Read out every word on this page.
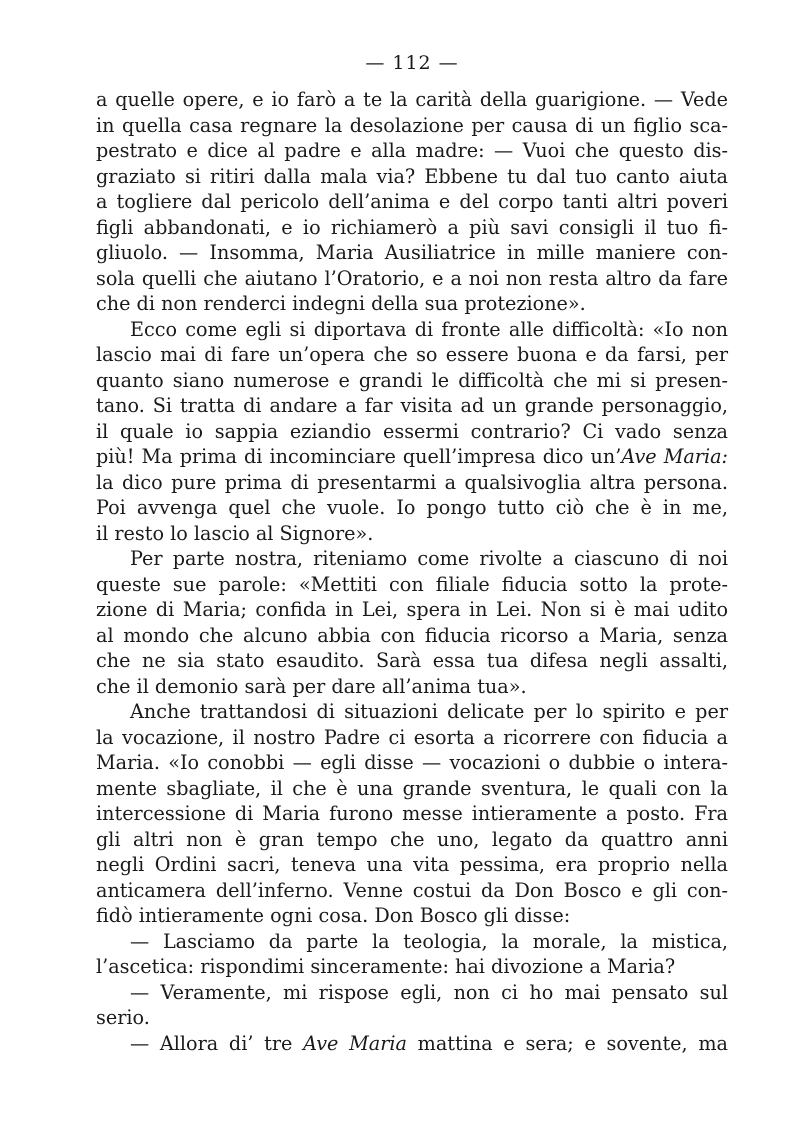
— 112 —
a quelle opere, e io farò a te la carità della guarigione. — Vede
in quella casa regnare la desolazione per causa di un figlio sca-
pestrato e dice al padre e alla madre: — Vuoi che questo dis-
graziato si ritiri dalla mala via? Ebbene tu dal tuo canto aiuta
a togliere dal pericolo dell’anima e del corpo tanti altri poveri
figli abbandonati, e io richiamerò a più savi consigli il tuo fi-
gliuolo. — Insomma, Maria Ausiliatrice in mille maniere con-
sola quelli che aiutano l’Oratorio, e a noi non resta altro da fare
che di non renderci indegni della sua protezione».
Ecco come egli si diportava di fronte alle difficoltà: «Io non
lascio mai di fare un’opera che so essere buona e da farsi, per
quanto siano numerose e grandi le difficoltà che mi si presen-
tano. Si tratta di andare a far visita ad un grande personaggio,
il quale io sappia eziandio essermi contrario? Ci vado senza
più! Ma prima di incominciare quell’impresa dico un’Ave Maria:
la dico pure prima di presentarmi a qualsivoglia altra persona.
Poi avvenga quel che vuole. Io pongo tutto ciò che è in me,
il resto lo lascio al Signore».
Per parte nostra, riteniamo come rivolte a ciascuno di noi
queste sue parole: «Mettiti con filiale fiducia sotto la prote-
zione di Maria; confida in Lei, spera in Lei. Non si è mai udito
al mondo che alcuno abbia con fiducia ricorso a Maria, senza
che ne sia stato esaudito. Sarà essa tua difesa negli assalti,
che il demonio sarà per dare all’anima tua».
Anche trattandosi di situazioni delicate per lo spirito e per
la vocazione, il nostro Padre ci esorta a ricorrere con fiducia a
Maria. «Io conobbi — egli disse — vocazioni o dubbie o intera-
mente sbagliate, il che è una grande sventura, le quali con la
intercessione di Maria furono messe intieramente a posto. Fra
gli altri non è gran tempo che uno, legato da quattro anni
negli Ordini sacri, teneva una vita pessima, era proprio nella
anticamera dell’inferno. Venne costui da Don Bosco e gli con-
fidò intieramente ogni cosa. Don Bosco gli disse:
— Lasciamo da parte la teologia, la morale, la mistica,
l’ascetica: rispondimi sinceramente: hai divozione a Maria?
— Veramente, mi rispose egli, non ci ho mai pensato sul
serio.
— Allora di’ tre Ave Maria mattina e sera; e sovente, ma
